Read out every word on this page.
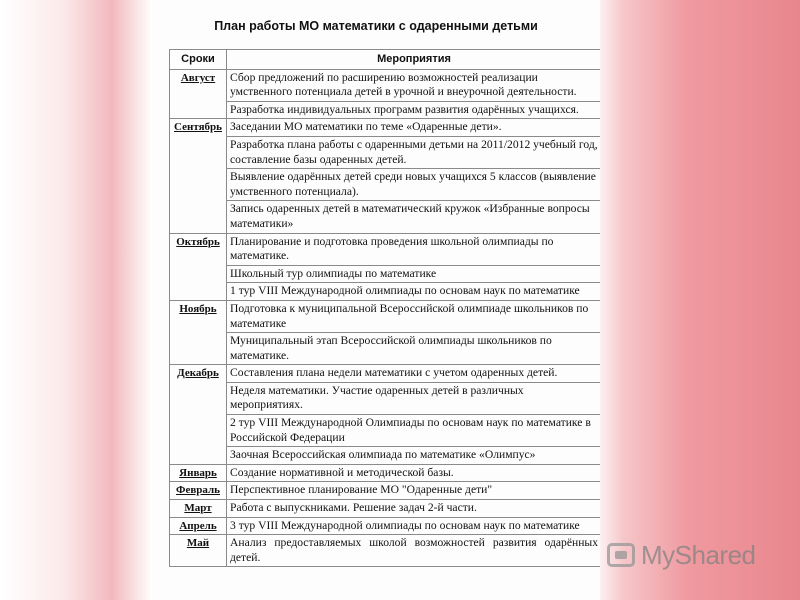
План работы МО математики с одаренными детьми
Сроки	Мероприятия
Август	Сбор предложений по расширению возможностей реализации умственного потенциала детей в урочной и внеурочной деятельности.
	Разработка индивидуальных программ развития одарённых учащихся.
Сентябрь	Заседании МО математики по теме «Одаренные дети».
	Разработка плана работы с одаренными детьми на 2011/2012 учебный год, составление базы одаренных детей.
	Выявление одарённых детей среди новых учащихся 5 классов (выявление умственного потенциала).
	Запись одаренных детей в математический кружок «Избранные вопросы математики»
Октябрь	Планирование и подготовка проведения школьной олимпиады по математике.
	Школьный тур олимпиады по математике
	1 тур VIII Международной олимпиады по основам наук по математике
Ноябрь	Подготовка к муниципальной Всероссийской олимпиаде школьников по математике
	Муниципальный этап Всероссийской олимпиады школьников по математике.
Декабрь	Составления плана недели математики с учетом одаренных детей.
	Неделя математики. Участие одаренных детей в различных мероприятиях.
	2 тур VIII Международной Олимпиады по основам наук по математике в Российской Федерации
	Заочная Всероссийская олимпиада по математике «Олимпус»
Январь	Создание нормативной и методической базы.
Февраль	Перспективное планирование МО "Одаренные дети"
Март	Работа с выпускниками. Решение задач 2-й части.
Апрель	3 тур VIII Международной олимпиады по основам наук по математике
Май	Анализ предоставляемых школой возможностей развития одарённых детей.	MyShared
